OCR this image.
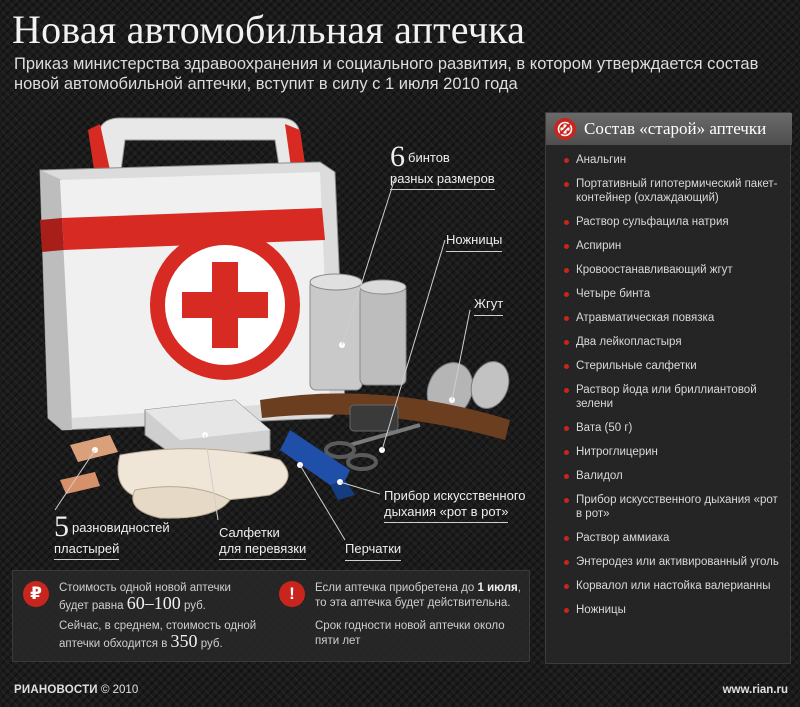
Новая автомобильная аптечка
Приказ министерства здравоохранения и социального развития, в котором утверждается состав новой автомобильной аптечки, вступит в силу с 1 июля 2010 года
6 бинтов
разных размеров
Ножницы
Жгут
Прибор искусственного
дыхания «рот в рот»
5 разновидностей
пластырей
Салфетки
для перевязки	Перчатки
Состав «старой» аптечки
Анальгин
Портативный гипотермический пакет-контейнер (охлаждающий)
Раствор сульфацила натрия
Аспирин
Кровоостанавливающий жгут
Четыре бинта
Атравматическая повязка
Два лейкопластыря
Стерильные салфетки
Раствор йода или бриллиантовой зелени
Вата (50 г)
Нитроглицерин
Валидол
Прибор искусственного дыхания «рот в рот»
Раствор аммиака
Энтеродез или активированный уголь
Корвалол или настойка валерианны
Ножницы
₽	Стоимость одной новой аптечки будет равна 60–100 руб.
Сейчас, в среднем, стоимость одной аптечки обходится в 350 руб.
!	Если аптечка приобретена до 1 июля, то эта аптечка будет действительна.
Срок годности новой аптечки около пяти лет
РИАНОВОСТИ © 2010	www.rian.ru
